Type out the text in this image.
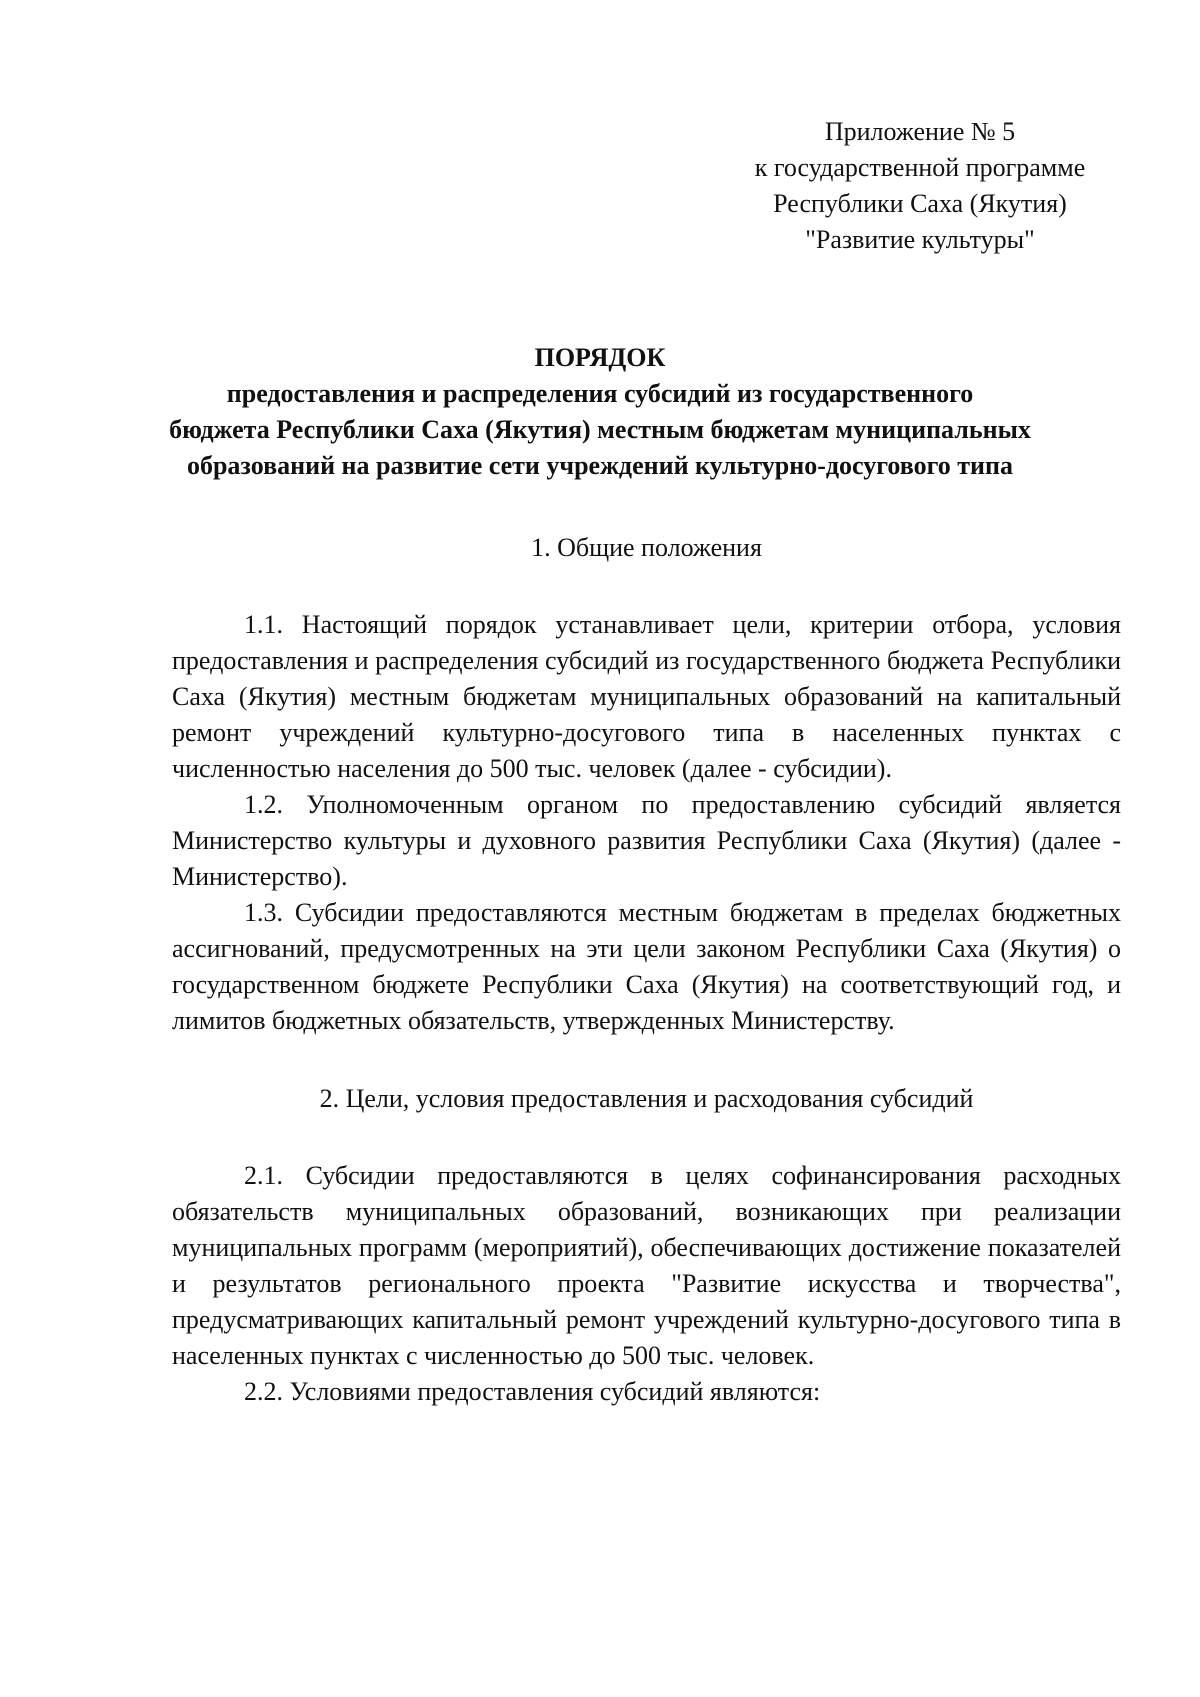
Приложение № 5
к государственной программе
Республики Саха (Якутия)
"Развитие культуры"
ПОРЯДОК
предоставления и распределения субсидий из государственного
бюджета Республики Саха (Якутия) местным бюджетам муниципальных
образований на развитие сети учреждений культурно-досугового типа
1. Общие положения

1.1. Настоящий порядок устанавливает цели, критерии отбора, условия предоставления и распределения субсидий из государственного бюджета Республики Саха (Якутия) местным бюджетам муниципальных образований на капитальный ремонт учреждений культурно-досугового типа в населенных пунктах с численностью населения до 500 тыс. человек (далее - субсидии).

1.2. Уполномоченным органом по предоставлению субсидий является Министерство культуры и духовного развития Республики Саха (Якутия) (далее - Министерство).

1.3. Субсидии предоставляются местным бюджетам в пределах бюджетных ассигнований, предусмотренных на эти цели законом Республики Саха (Якутия) о государственном бюджете Республики Саха (Якутия) на соответствующий год, и лимитов бюджетных обязательств, утвержденных Министерству.

2. Цели, условия предоставления и расходования субсидий

2.1. Субсидии предоставляются в целях софинансирования расходных обязательств муниципальных образований, возникающих при реализации муниципальных программ (мероприятий), обеспечивающих достижение показателей и результатов регионального проекта "Развитие искусства и творчества", предусматривающих капитальный ремонт учреждений культурно-досугового типа в населенных пунктах с численностью до 500 тыс. человек.

2.2. Условиями предоставления субсидий являются:
